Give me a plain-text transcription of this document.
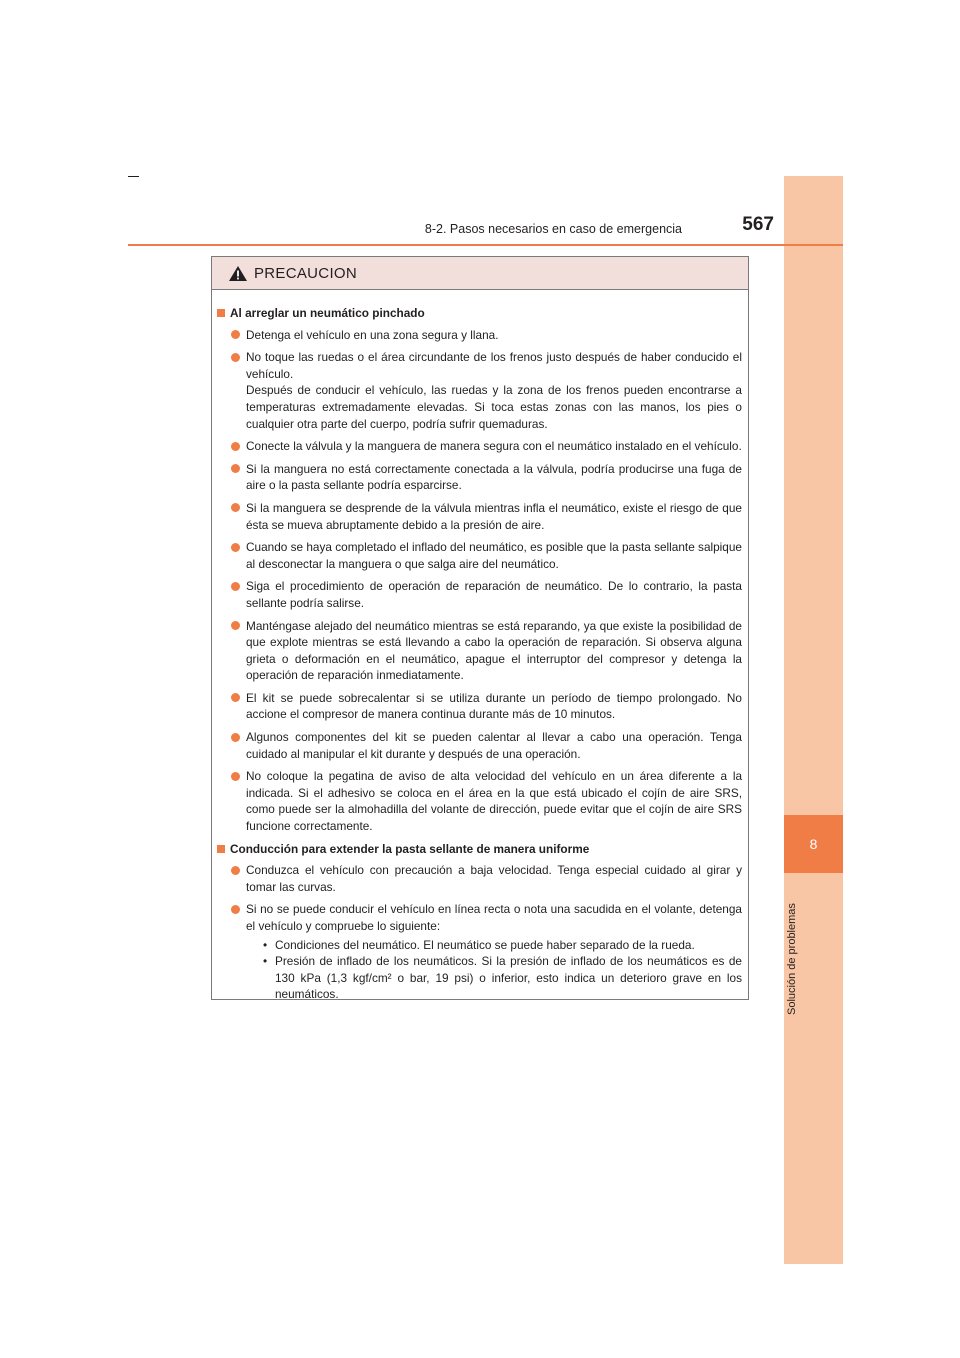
8
Solución de problemas
8-2. Pasos necesarios en caso de emergencia	567
PRECAUCION
Al arreglar un neumático pinchado
Detenga el vehículo en una zona segura y llana.
No toque las ruedas o el área circundante de los frenos justo después de haber conducido el vehículo.
Después de conducir el vehículo, las ruedas y la zona de los frenos pueden encontrarse a temperaturas extremadamente elevadas. Si toca estas zonas con las manos, los pies o cualquier otra parte del cuerpo, podría sufrir quemaduras.
Conecte la válvula y la manguera de manera segura con el neumático instalado en el vehículo.
Si la manguera no está correctamente conectada a la válvula, podría producirse una fuga de aire o la pasta sellante podría esparcirse.
Si la manguera se desprende de la válvula mientras infla el neumático, existe el riesgo de que ésta se mueva abruptamente debido a la presión de aire.
Cuando se haya completado el inflado del neumático, es posible que la pasta sellante salpique al desconectar la manguera o que salga aire del neumático.
Siga el procedimiento de operación de reparación de neumático. De lo contrario, la pasta sellante podría salirse.
Manténgase alejado del neumático mientras se está reparando, ya que existe la posibilidad de que explote mientras se está llevando a cabo la operación de reparación. Si observa alguna grieta o deformación en el neumático, apague el interruptor del compresor y detenga la operación de reparación inmediatamente.
El kit se puede sobrecalentar si se utiliza durante un período de tiempo prolongado. No accione el compresor de manera continua durante más de 10 minutos.
Algunos componentes del kit se pueden calentar al llevar a cabo una operación. Tenga cuidado al manipular el kit durante y después de una operación.
No coloque la pegatina de aviso de alta velocidad del vehículo en un área diferente a la indicada. Si el adhesivo se coloca en el área en la que está ubicado el cojín de aire SRS, como puede ser la almohadilla del volante de dirección, puede evitar que el cojín de aire SRS funcione correctamente.
Conducción para extender la pasta sellante de manera uniforme
Conduzca el vehículo con precaución a baja velocidad. Tenga especial cuidado al girar y tomar las curvas.
Si no se puede conducir el vehículo en línea recta o nota una sacudida en el volante, detenga el vehículo y compruebe lo siguiente:
• Condiciones del neumático. El neumático se puede haber separado de la rueda.
• Presión de inflado de los neumáticos. Si la presión de inflado de los neumáticos es de 130 kPa (1,3 kgf/cm² o bar, 19 psi) o inferior, esto indica un deterioro grave en los neumáticos.
